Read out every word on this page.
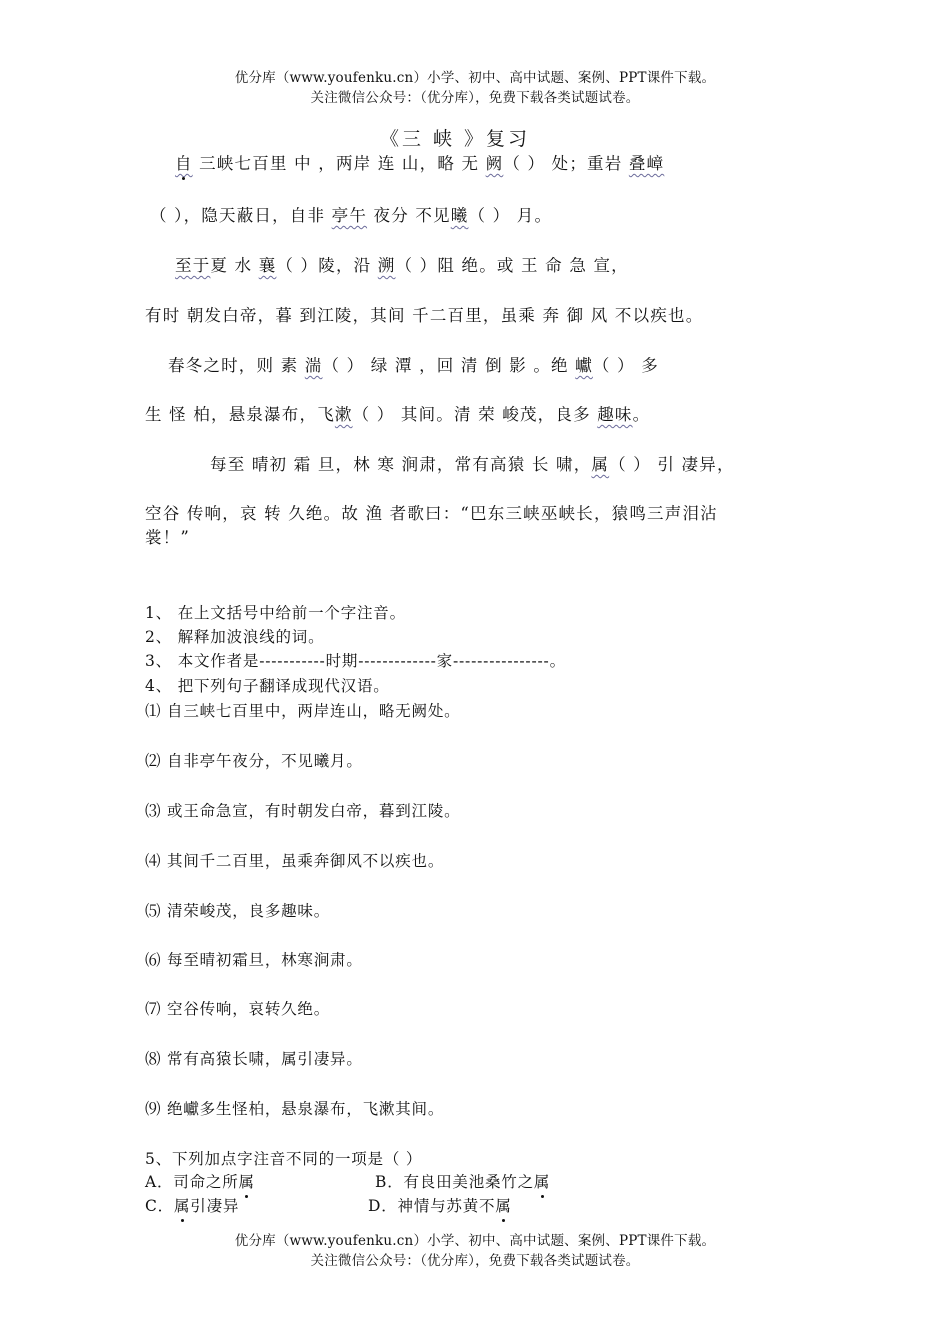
优分库（www.youfenku.cn）小学、初中、高中试题、案例、PPT课件下载。
关注微信公众号：（优分库），免费下载各类试题试卷。
《三 峡 》复习
自 三峡七百里 中 ，两岸 连 山，略 无 阙（ ） 处；重岩 叠嶂
（ ），隐天蔽日，自非 亭午 夜分 不见曦（ ） 月。
至于夏 水 襄（ ）陵，沿 溯（ ）阻 绝。或 王 命 急 宣，
有时 朝发白帝，暮 到江陵，其间 千二百里，虽乘 奔 御 风 不以疾也。
春冬之时，则 素 湍（ ） 绿 潭 ，回 清 倒 影 。绝 巘（ ） 多
生 怪 柏，悬泉瀑布，飞漱（ ） 其间。清 荣 峻茂，良多 趣味。
每至 晴初 霜 旦，林 寒 涧肃，常有高猿 长 啸，属（ ） 引 凄异，
空谷 传响，哀 转 久绝。故 渔 者歌曰：“巴东三峡巫峡长，猿鸣三声泪沾
裳！”
1、 在上文括号中给前一个字注音。
2、 解释加波浪线的词。
3、 本文作者是-----------时期-------------家----------------。
4、 把下列句子翻译成现代汉语。
⑴ 自三峡七百里中，两岸连山，略无阙处。
⑵ 自非亭午夜分，不见曦月。
⑶ 或王命急宣，有时朝发白帝，暮到江陵。
⑷ 其间千二百里，虽乘奔御风不以疾也。
⑸ 清荣峻茂，良多趣味。
⑹ 每至晴初霜旦，林寒涧肃。
⑺ 空谷传响，哀转久绝。
⑻ 常有高猿长啸，属引凄异。
⑼ 绝巘多生怪柏，悬泉瀑布，飞漱其间。
5、下列加点字注音不同的一项是（ ）
A．司命之所属	B．有良田美池桑竹之属
C．属引凄异	D．神情与苏黄不属
优分库（www.youfenku.cn）小学、初中、高中试题、案例、PPT课件下载。
关注微信公众号：（优分库），免费下载各类试题试卷。
